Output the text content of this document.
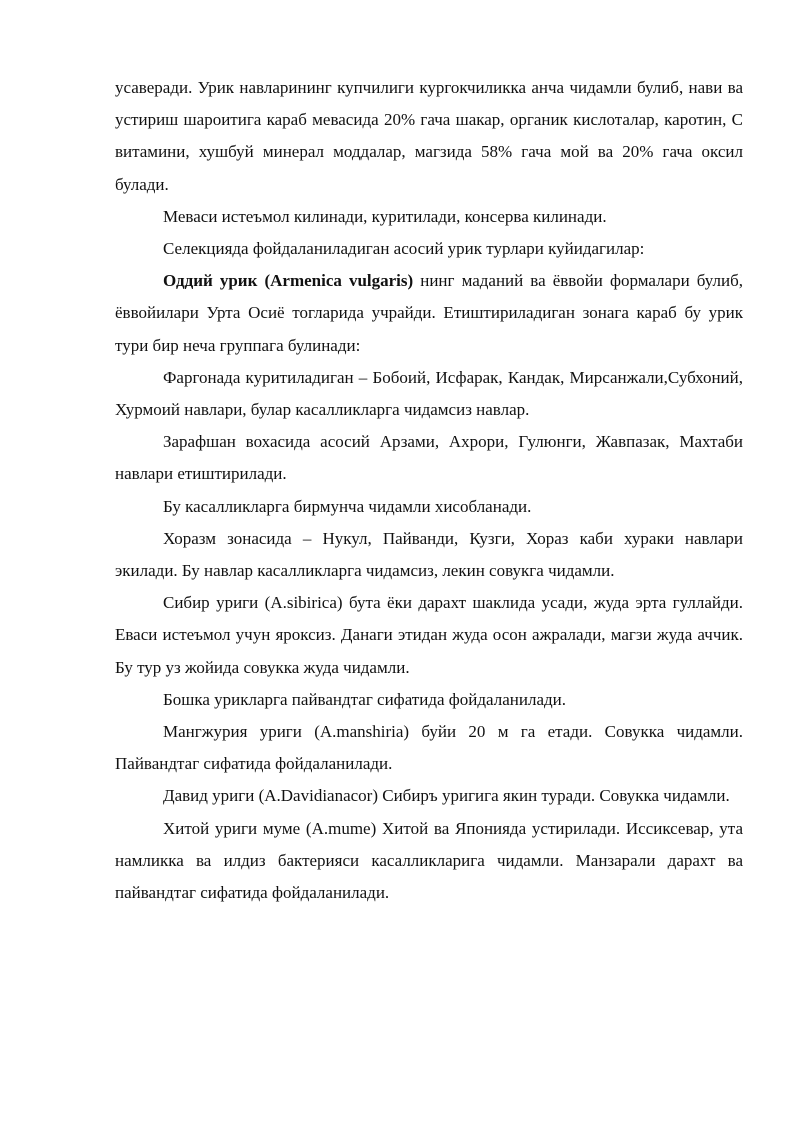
усаверади. Урик навларининг купчилиги кургокчиликка анча чидамли булиб, нави ва устириш шароитига караб мевасида 20% гача шакар, органик кислоталар, каротин, С витамини, хушбуй минерал моддалар, магзида 58% гача мой ва 20% гача оксил булади.

Меваси истеъмол килинади, куритилади, консерва килинади.

Селекцияда фойдаланиладиган асосий урик турлари куйидагилар:

Оддий урик (Armenica vulgaris) нинг маданий ва ёввойи формалари булиб, ёввойилари Урта Осиё тогларида учрайди. Етиштириладиган зонага караб бу урик тури бир неча группага булинади:

Фаргонада куритиладиган – Бобоий, Исфарак, Кандак, Мирсанжали,Субхоний, Хурмоий навлари, булар касалликларга чидамсиз навлар.

Зарафшан вохасида асосий Арзами, Ахрори, Гулюнги, Жавпазак, Махтаби навлари етиштирилади.

Бу касалликларга бирмунча чидамли хисобланади.

Хоразм зонасида – Нукул, Пайванди, Кузги, Хораз каби хураки навлари экилади. Бу навлар касалликларга чидамсиз, лекин совукга чидамли.

Сибир уриги (A.sibirica) бута ёки дарахт шаклида усади, жуда эрта гуллайди. Еваси истеъмол учун яроксиз. Данаги этидан жуда осон ажралади, магзи жуда аччик. Бу тур уз жойида совукка жуда чидамли.

Бошка урикларга пайвандтаг сифатида фойдаланилади.

Мангжурия уриги (A.manshiria) буйи 20 м га етади. Совукка чидамли. Пайвандтаг сифатида фойдаланилади.

Давид уриги (A.Davidianacor) Сибиръ уригига якин туради. Совукка чидамли.

Хитой уриги муме (A.mume) Хитой ва Японияда устирилади. Иссиксевар, ута намликка ва илдиз бактерияси касалликларига чидамли. Манзарали дарахт ва пайвандтаг сифатида фойдаланилади.
